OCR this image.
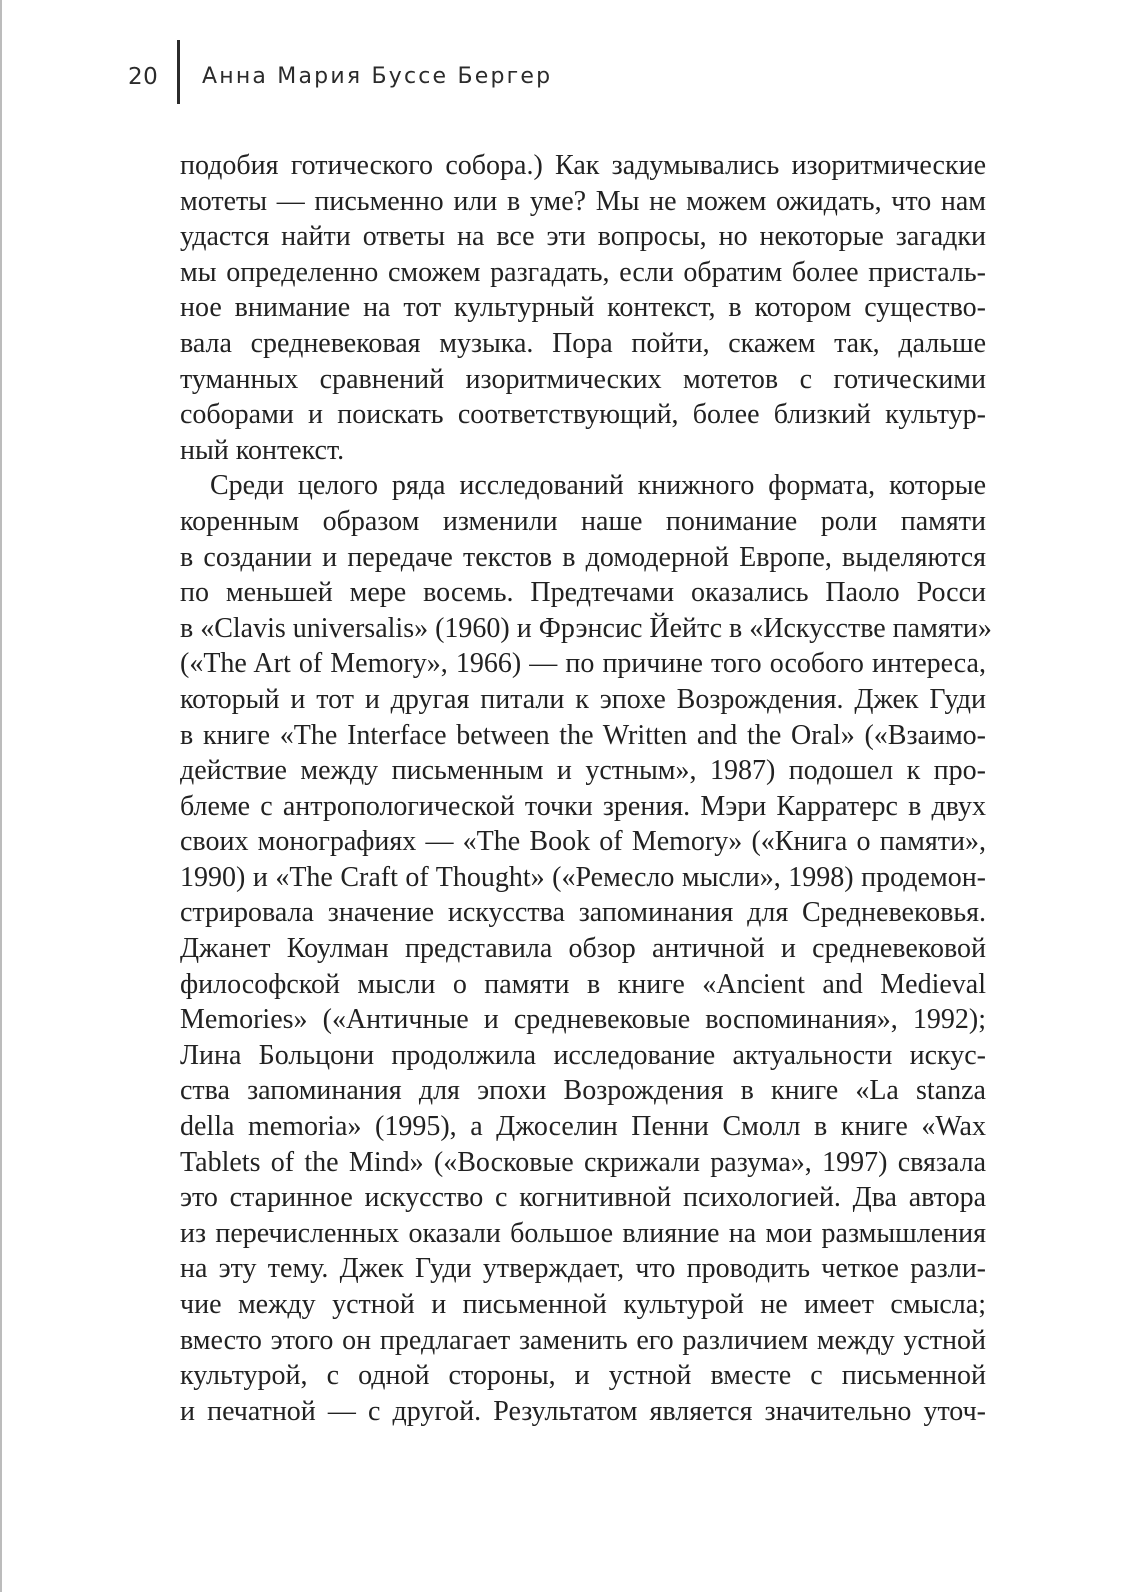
20 Анна Мария Буссе Бергер
подобия готического собора.) Как задумывались изоритмические
мотеты — письменно или в уме? Мы не можем ожидать, что нам
удастся найти ответы на все эти вопросы, но некоторые загадки
мы определенно сможем разгадать, если обратим более присталь-
ное внимание на тот культурный контекст, в котором существо-
вала средневековая музыка. Пора пойти, скажем так, дальше
туманных сравнений изоритмических мотетов с готическими
соборами и поискать соответствующий, более близкий культур-
ный контекст.
Среди целого ряда исследований книжного формата, которые
коренным образом изменили наше понимание роли памяти
в создании и передаче текстов в домодерной Европе, выделяются
по меньшей мере восемь. Предтечами оказались Паоло Росси
в «Clavis universalis» (1960) и Фрэнсис Йейтс в «Искусстве памяти»
(«The Art of Memory», 1966) — по причине того особого интереса,
который и тот и другая питали к эпохе Возрождения. Джек Гуди
в книге «The Interface between the Written and the Oral» («Взаимо-
действие между письменным и устным», 1987) подошел к про-
блеме с антропологической точки зрения. Мэри Карратерс в двух
своих монографиях — «The Book of Memory» («Книга о памяти»,
1990) и «The Craft of Thought» («Ремесло мысли», 1998) продемон-
стрировала значение искусства запоминания для Средневековья.
Джанет Коулман представила обзор античной и средневековой
философской мысли о памяти в книге «Ancient and Medieval
Memories» («Античные и средневековые воспоминания», 1992);
Лина Больцони продолжила исследование актуальности искус-
ства запоминания для эпохи Возрождения в книге «La stanza
della memoria» (1995), а Джоселин Пенни Смолл в книге «Wax
Tablets of the Mind» («Восковые скрижали разума», 1997) связала
это старинное искусство с когнитивной психологией. Два автора
из перечисленных оказали большое влияние на мои размышления
на эту тему. Джек Гуди утверждает, что проводить четкое разли-
чие между устной и письменной культурой не имеет смысла;
вместо этого он предлагает заменить его различием между устной
культурой, с одной стороны, и устной вместе с письменной
и печатной — с другой. Результатом является значительно уточ-
